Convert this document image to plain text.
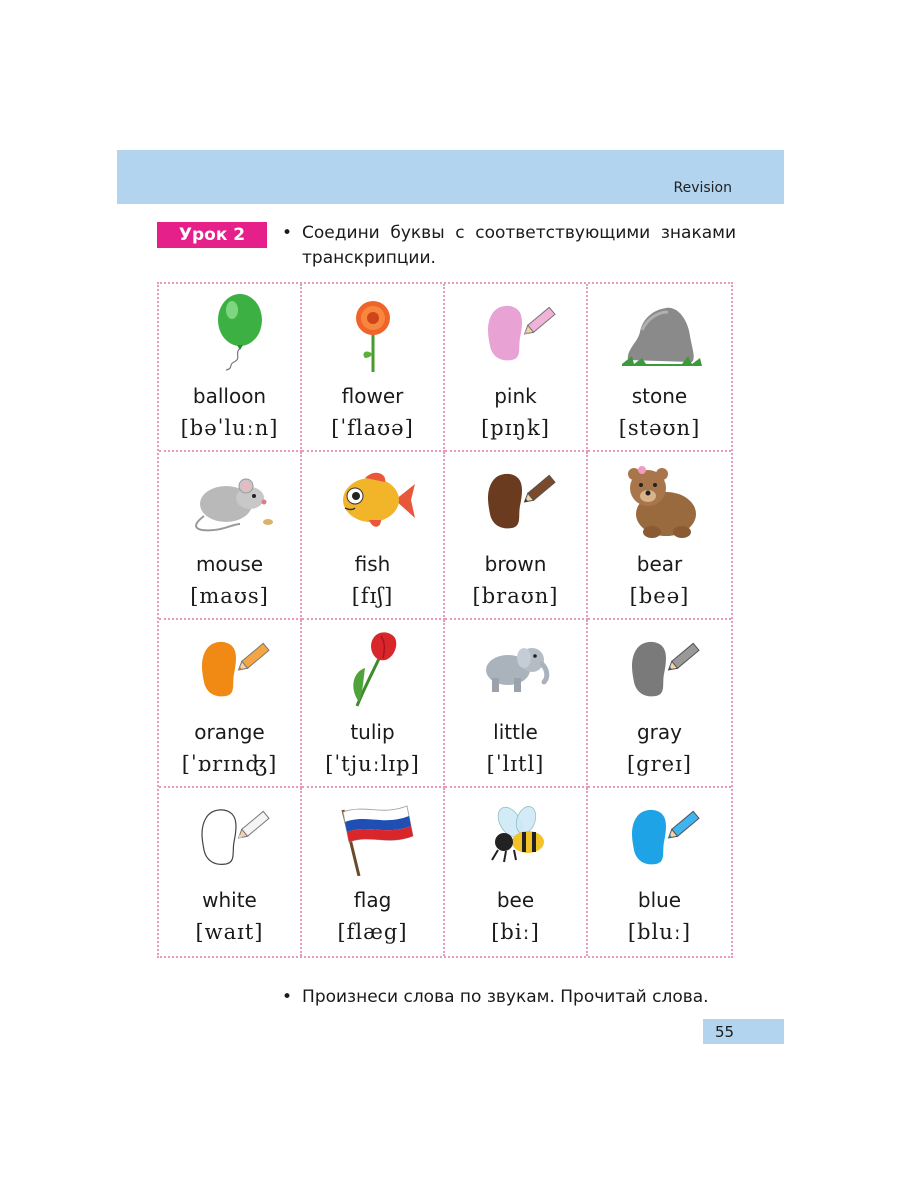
Revision
Урок 2	• Соедини буквы с соответствующими знаками транскрипции.
balloon
[bəˈluːn]
flower
[ˈflaʊə]
pink
[pɪŋk]
stone
[stəʊn]
mouse
[maʊs]
fish
[fɪʃ]
brown
[braʊn]
bear
[beə]
orange
[ˈɒrɪnʤ]
tulip
[ˈtjuːlɪp]
little
[ˈlɪtl]
gray
[greɪ]
white
[waɪt]
flag
[flæg]
bee
[biː]
blue
[bluː]
• Произнеси слова по звукам. Прочитай слова.
55
